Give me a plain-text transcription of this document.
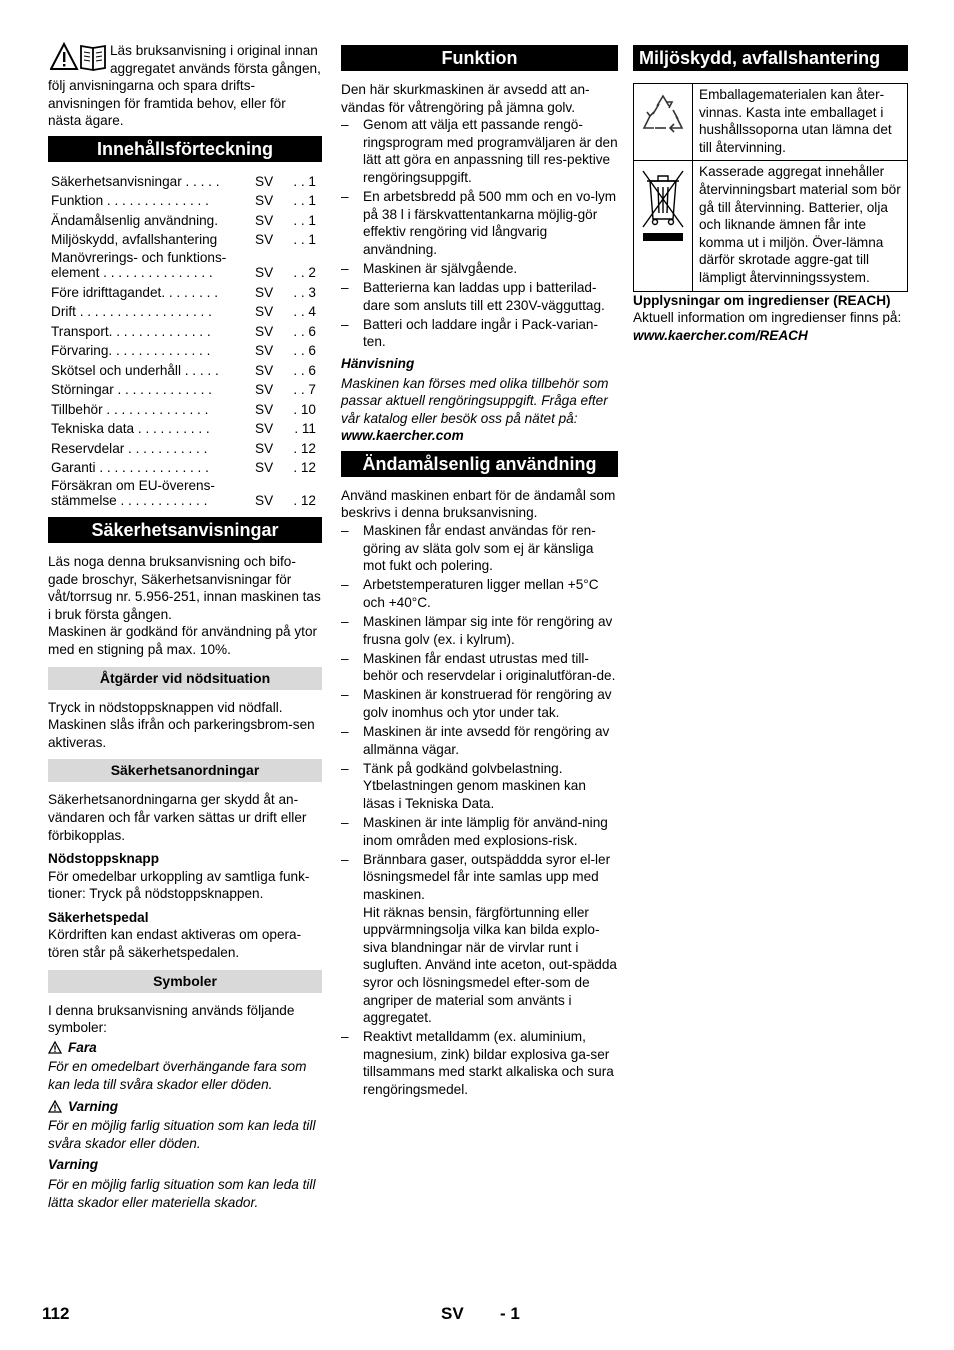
Läs bruksanvisning i original innan aggregatet används första gången, följ anvisningarna och spara drifts-anvisningen för framtida behov, eller för nästa ägare.

Innehållsförteckning
Säkerhetsanvisningar . . . . .	SV	. . 1
Funktion . . . . . . . . . . . . . .	SV	. . 1
Ändamålsenlig användning.	SV	. . 1
Miljöskydd, avfallshantering	SV	. . 1
Manövrerings- och funktions-
element . . . . . . . . . . . . . . .	SV	. . 2
Före idrifttagandet. . . . . . . .	SV	. . 3
Drift . . . . . . . . . . . . . . . . . .	SV	. . 4
Transport. . . . . . . . . . . . . .	SV	. . 6
Förvaring. . . . . . . . . . . . . .	SV	. . 6
Skötsel och underhåll . . . . .	SV	. . 6
Störningar . . . . . . . . . . . . .	SV	. . 7
Tillbehör . . . . . . . . . . . . . .	SV	. 10
Tekniska data . . . . . . . . . .	SV	. 11
Reservdelar . . . . . . . . . . .	SV	. 12
Garanti . . . . . . . . . . . . . . .	SV	. 12
Försäkran om EU-överens-
stämmelse . . . . . . . . . . . .	SV	. 12
Säkerhetsanvisningar

Läs noga denna bruksanvisning och bifo-gade broschyr, Säkerhetsanvisningar för våt/torrsug nr. 5.956-251, innan maskinen tas i bruk första gången.

Maskinen är godkänd för användning på ytor med en stigning på max. 10%.

Åtgärder vid nödsituation

Tryck in nödstoppsknappen vid nödfall. Maskinen slås ifrån och parkeringsbrom-sen aktiveras.

Säkerhetsanordningar

Säkerhetsanordningarna ger skydd åt an-vändaren och får varken sättas ur drift eller förbikopplas.

Nödstoppsknapp

För omedelbar urkoppling av samtliga funk-tioner: Tryck på nödstoppsknappen.

Säkerhetspedal

Kördriften kan endast aktiveras om opera-tören står på säkerhetspedalen.

Symboler

I denna bruksanvisning används följande symboler:

Fara

För en omedelbart överhängande fara som kan leda till svåra skador eller döden.

Varning

För en möjlig farlig situation som kan leda till svåra skador eller döden.

Varning

För en möjlig farlig situation som kan leda till lätta skador eller materiella skador.

Funktion

Den här skurkmaskinen är avsedd att an-vändas för våtrengöring på jämna golv.

– Genom att välja ett passande rengö-ringsprogram med programväljaren är den lätt att göra en anpassning till res-pektive rengöringsuppgift.
– En arbetsbredd på 500 mm och en vo-lym på 38 l i färskvattentankarna möjlig-gör effektiv rengöring vid långvarig användning.
– Maskinen är självgående.
– Batterierna kan laddas upp i batterilad-dare som ansluts till ett 230V-vägguttag.
– Batteri och laddare ingår i Pack-varian-ten.

Hänvisning

Maskinen kan förses med olika tillbehör som passar aktuell rengöringsuppgift. Fråga efter vår katalog eller besök oss på nätet på:

www.kaercher.com

Ändamålsenlig användning

Använd maskinen enbart för de ändamål som beskrivs i denna bruksanvisning.

– Maskinen får endast användas för ren-göring av släta golv som ej är känsliga mot fukt och polering.
– Arbetstemperaturen ligger mellan +5°C och +40°C.
– Maskinen lämpar sig inte för rengöring av frusna golv (ex. i kylrum).
– Maskinen får endast utrustas med till-behör och reservdelar i originalutföran-de.
– Maskinen är konstruerad för rengöring av golv inomhus och ytor under tak.
– Maskinen är inte avsedd för rengöring av allmänna vägar.
– Tänk på godkänd golvbelastning.
Ytbelastningen genom maskinen kan läsas i Tekniska Data.
– Maskinen är inte lämplig för använd-ning inom områden med explosions-risk.
– Brännbara gaser, outspäddda syror el-ler lösningsmedel får inte samlas upp med maskinen.
Hit räknas bensin, färgförtunning eller uppvärmningsolja vilka kan bilda explo-siva blandningar när de virvlar runt i sugluften. Använd inte aceton, out-spädda syror och lösningsmedel efter-som de angriper de material som använts i aggregatet.
– Reaktivt metalldamm (ex. aluminium, magnesium, zink) bildar explosiva ga-ser tillsammans med starkt alkaliska och sura rengöringsmedel.
Miljöskydd, avfallshantering
	Emballagematerialen kan åter-vinnas. Kasta inte emballaget i hushållssoporna utan lämna det till återvinning.
	Kasserade aggregat innehåller återvinningsbart material som bör gå till återvinning. Batterier, olja och liknande ämnen får inte komma ut i miljön. Över-lämna därför skrotade aggre-gat till lämpligt återvinningssystem.

Upplysningar om ingredienser (REACH)

Aktuell information om ingredienser finns på:

www.kaercher.com/REACH

112	SV - 1
